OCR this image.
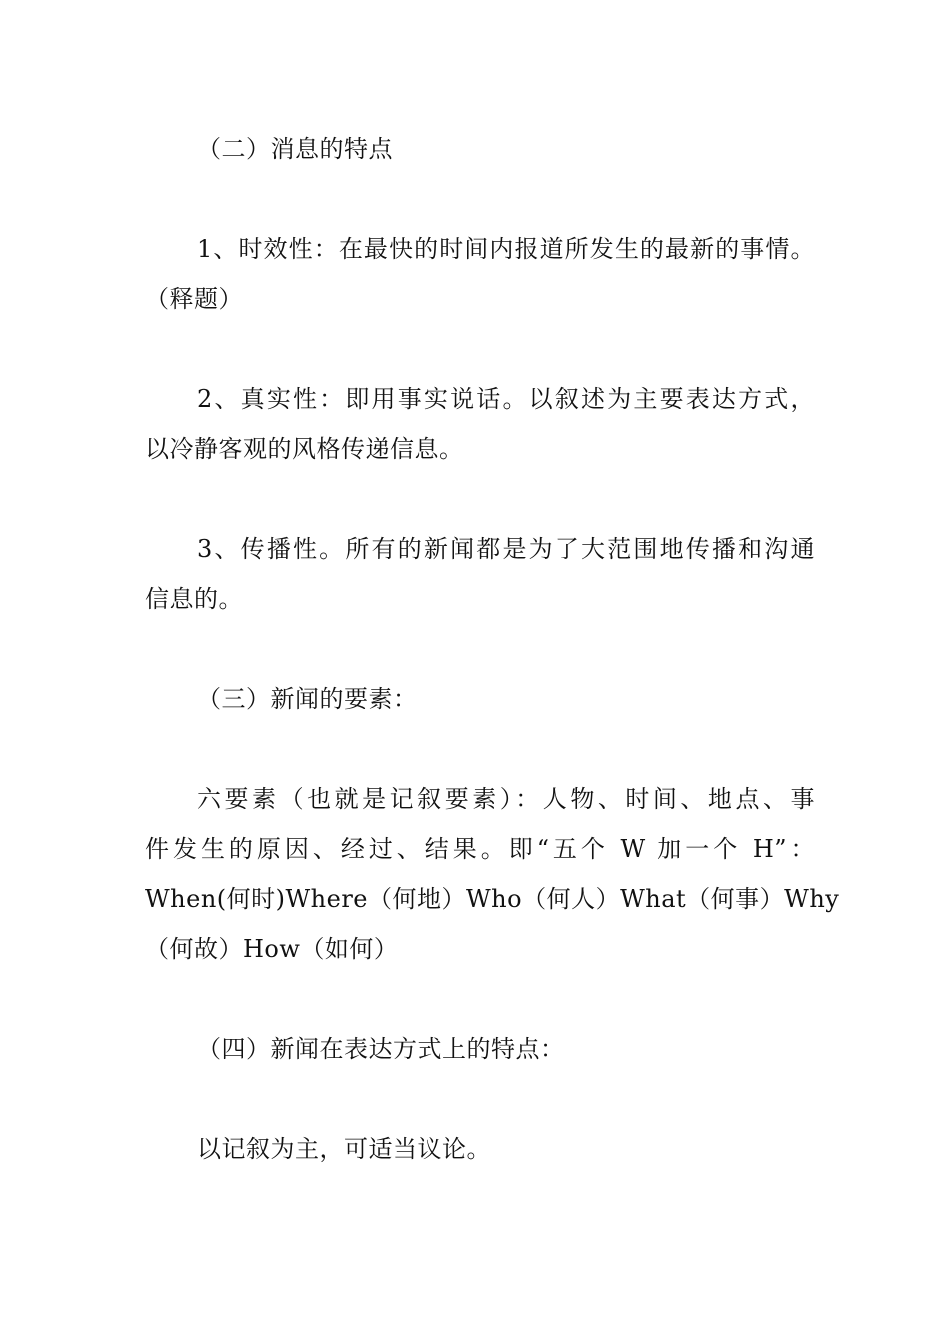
（二）消息的特点
1、时效性：在最快的时间内报道所发生的最新的事情。
（释题）
2、真实性：即用事实说话。以叙述为主要表达方式，
以冷静客观的风格传递信息。
3、传播性。所有的新闻都是为了大范围地传播和沟通
信息的。
（三）新闻的要素：
六要素（也就是记叙要素）：人物、时间、地点、事
件发生的原因、经过、结果。即“五个 W 加一个 H”：
When(何时)Where（何地）Who（何人）What（何事）Why
（何故）How（如何）
（四）新闻在表达方式上的特点：
以记叙为主，可适当议论。
